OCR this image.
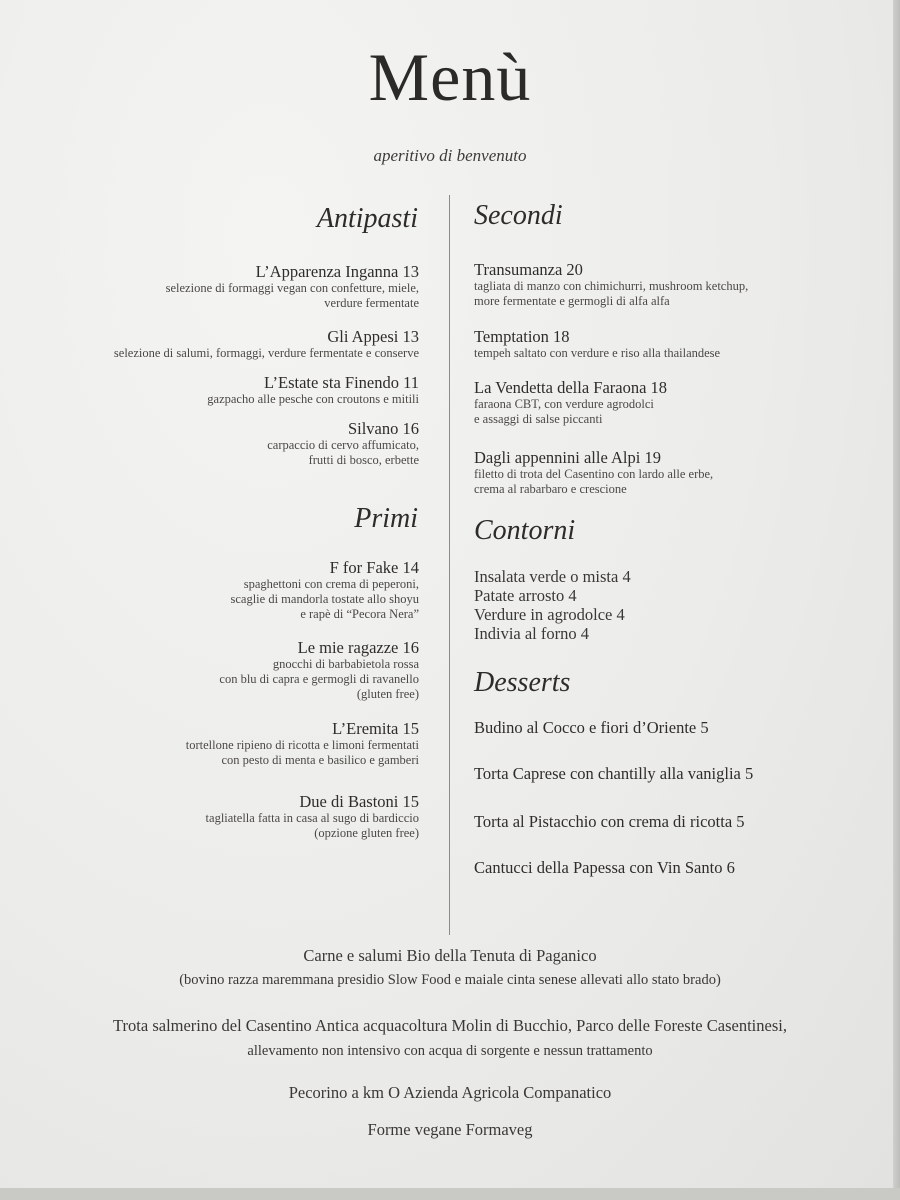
Menù
aperitivo di benvenuto
Antipasti
L’Apparenza Inganna 13
selezione di formaggi vegan con confetture, miele,
verdure fermentate
Gli Appesi 13
selezione di salumi, formaggi, verdure fermentate e conserve
L’Estate sta Finendo 11
gazpacho alle pesche con croutons e mitili
Silvano 16
carpaccio di cervo affumicato,
frutti di bosco, erbette
Primi
F for Fake 14
spaghettoni con crema di peperoni,
scaglie di mandorla tostate allo shoyu
e rapè di “Pecora Nera”
Le mie ragazze 16
gnocchi di barbabietola rossa
con blu di capra e germogli di ravanello
(gluten free)
L’Eremita 15
tortellone ripieno di ricotta e limoni fermentati
con pesto di menta e basilico e gamberi
Due di Bastoni 15
tagliatella fatta in casa al sugo di bardiccio
(opzione gluten free)
Secondi
Transumanza 20
tagliata di manzo con chimichurri, mushroom ketchup,
more fermentate e germogli di alfa alfa
Temptation 18
tempeh saltato con verdure e riso alla thailandese
La Vendetta della Faraona 18
faraona CBT, con verdure agrodolci
e assaggi di salse piccanti
Dagli appennini alle Alpi 19
filetto di trota del Casentino con lardo alle erbe,
crema al rabarbaro e crescione
Contorni
Insalata verde o mista 4
Patate arrosto 4
Verdure in agrodolce 4
Indivia al forno 4
Desserts
Budino al Cocco e fiori d’Oriente 5
Torta Caprese con chantilly alla vaniglia 5
Torta al Pistacchio con crema di ricotta 5
Cantucci della Papessa con Vin Santo 6
Carne e salumi Bio della Tenuta di Paganico
(bovino razza maremmana presidio Slow Food e maiale cinta senese allevati allo stato brado)
Trota salmerino del Casentino Antica acquacoltura Molin di Bucchio, Parco delle Foreste Casentinesi,
allevamento non intensivo con acqua di sorgente e nessun trattamento
Pecorino a km O Azienda Agricola Companatico
Forme vegane Formaveg
